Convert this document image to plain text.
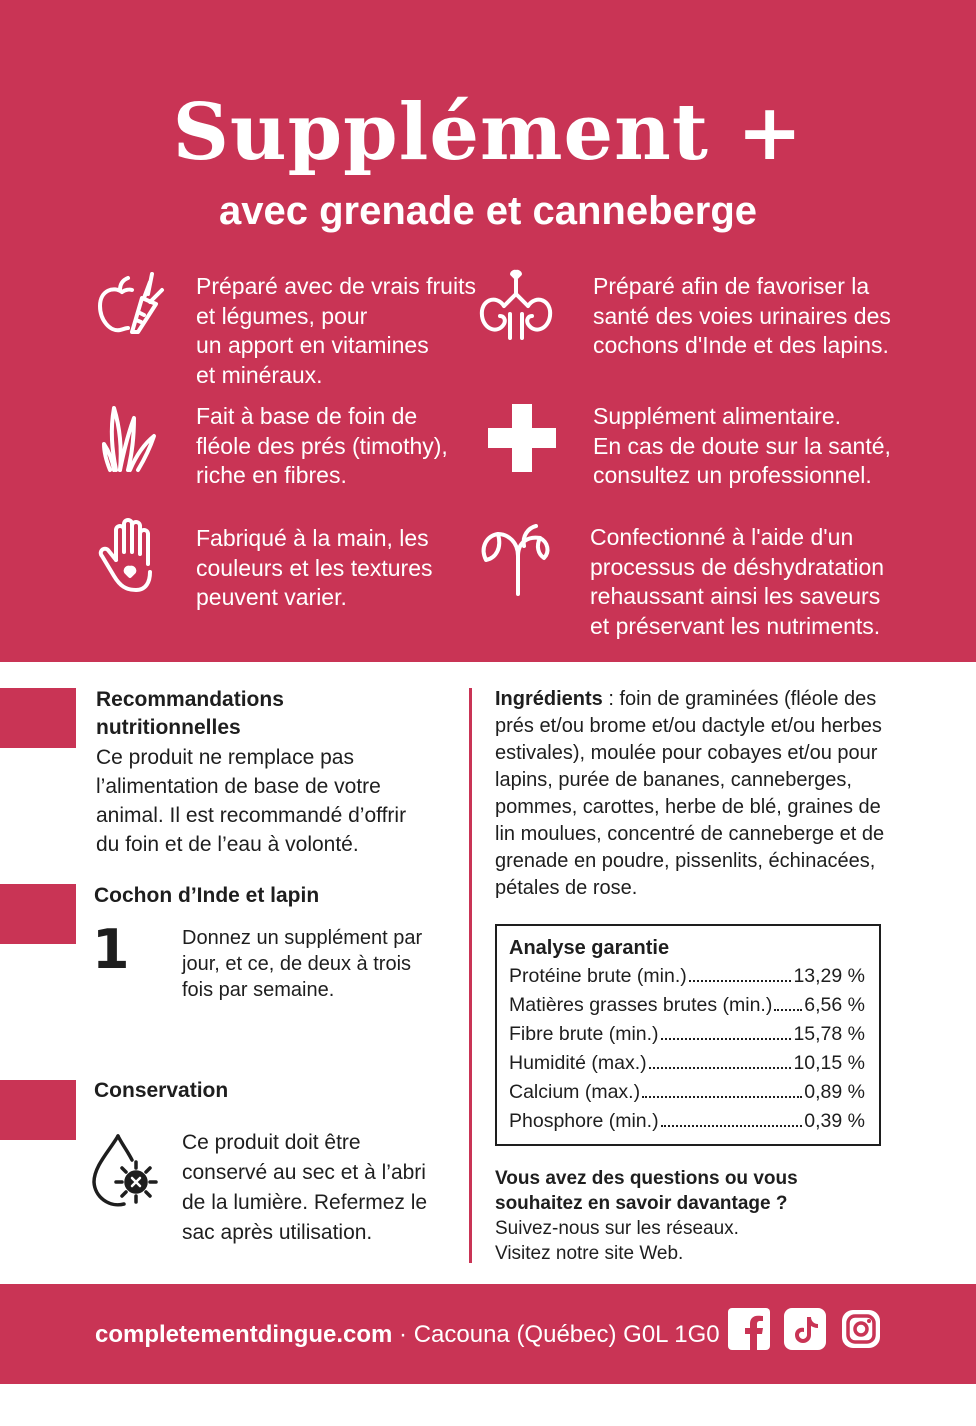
Supplément +
avec grenade et canneberge
Préparé avec de vrais fruits
et légumes, pour
un apport en vitamines
et minéraux.
Préparé afin de favoriser la
santé des voies urinaires des
cochons d'Inde et des lapins.
Fait à base de foin de
fléole des prés (timothy),
riche en fibres.
Supplément alimentaire.
En cas de doute sur la santé,
consultez un professionnel.
Fabriqué à la main, les
couleurs et les textures
peuvent varier.
Confectionné à l'aide d'un
processus de déshydratation
rehaussant ainsi les saveurs
et préservant les nutriments.
Recommandations
nutritionnelles
Ce produit ne remplace pas
l’alimentation de base de votre
animal. Il est recommandé d’offrir
du foin et de l’eau à volonté.
Cochon d’Inde et lapin
1	Donnez un supplément par
jour, et ce, de deux à trois
fois par semaine.
Conservation
Ce produit doit être
conservé au sec et à l’abri
de la lumière. Refermez le
sac après utilisation.
Ingrédients : foin de graminées (fléole des
prés et/ou brome et/ou dactyle et/ou herbes
estivales), moulée pour cobayes et/ou pour
lapins, purée de bananes, canneberges,
pommes, carottes, herbe de blé, graines de
lin moulues, concentré de canneberge et de
grenade en poudre, pissenlits, échinacées,
pétales de rose.
Analyse garantie
Protéine brute (min.)	13,29 %
Matières grasses brutes (min.) 6,56 %
Fibre brute (min.)	15,78 %
Humidité (max.)	10,15 %
Calcium (max.)	0,89 %
Phosphore (min.)	0,39 %
Vous avez des questions ou vous
souhaitez en savoir davantage ?
Suivez-nous sur les réseaux.
Visitez notre site Web.
completementdingue.com · Cacouna (Québec) G0L 1G0
